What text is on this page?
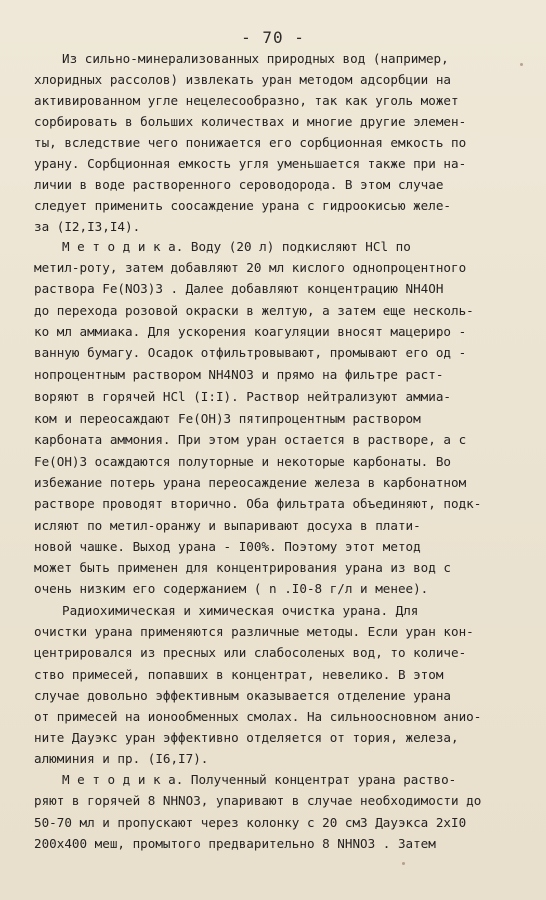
- 70 -
Из сильно-минерализованных природных вод (например,
хлоридных рассолов) извлекать уран методом адсорбции на
активированном угле нецелесообразно, так как уголь может
сорбировать в больших количествах и многие другие элемен-
ты, вследствие чего понижается его сорбционная емкость по
урану. Сорбционная емкость угля уменьшается также при на-
личии в воде растворенного сероводорода. В этом случае
следует применить соосаждение урана с гидроокисью желе-
за (I2,I3,I4).
М е т о д и к а. Воду (20 л) подкисляют HCl по
метил-роту, затем добавляют 20 мл кислого однопроцентного
раствора Fe(NO3)3 . Далее добавляют концентрацию NH4OH
до перехода розовой окраски в желтую, а затем еще несколь-
ко мл аммиака. Для ускорения коагуляции вносят мацериро -
ванную бумагу. Осадок отфильтровывают, промывают его од -
нопроцентным раствором NH4NO3 и прямо на фильтре раст-
воряют в горячей HCl (I:I). Раствор нейтрализуют аммиа-
ком и переосаждают Fe(OH)3 пятипроцентным раствором
карбоната аммония. При этом уран остается в растворе, а с
Fe(OH)3 осаждаются полуторные и некоторые карбонаты. Во
избежание потерь урана переосаждение железа в карбонатном
растворе проводят вторично. Оба фильтрата объединяют, подк-
исляют по метил-оранжу и выпаривают досуха в плати-
новой чашке. Выход урана - I00%. Поэтому этот метод
может быть применен для концентрирования урана из вод с
очень низким его содержанием ( n .I0-8 г/л и менее).
Радиохимическая и химическая очистка урана. Для
очистки урана применяются различные методы. Если уран кон-
центрировался из пресных или слабосоленых вод, то количе-
ство примесей, попавших в концентрат, невелико. В этом
случае довольно эффективным оказывается отделение урана
от примесей на ионообменных смолах. На сильноосновном анио-
ните Дауэкс уран эффективно отделяется от тория, железа,
алюминия и пр. (I6,I7).
М е т о д и к а. Полученный концентрат урана раство-
ряют в горячей 8 NHNO3, упаривают в случае необходимости до
50-70 мл и пропускают через колонку с 20 см3 Дауэкса 2хI0
200х400 меш, промытого предварительно 8 NHNO3 . Затем
